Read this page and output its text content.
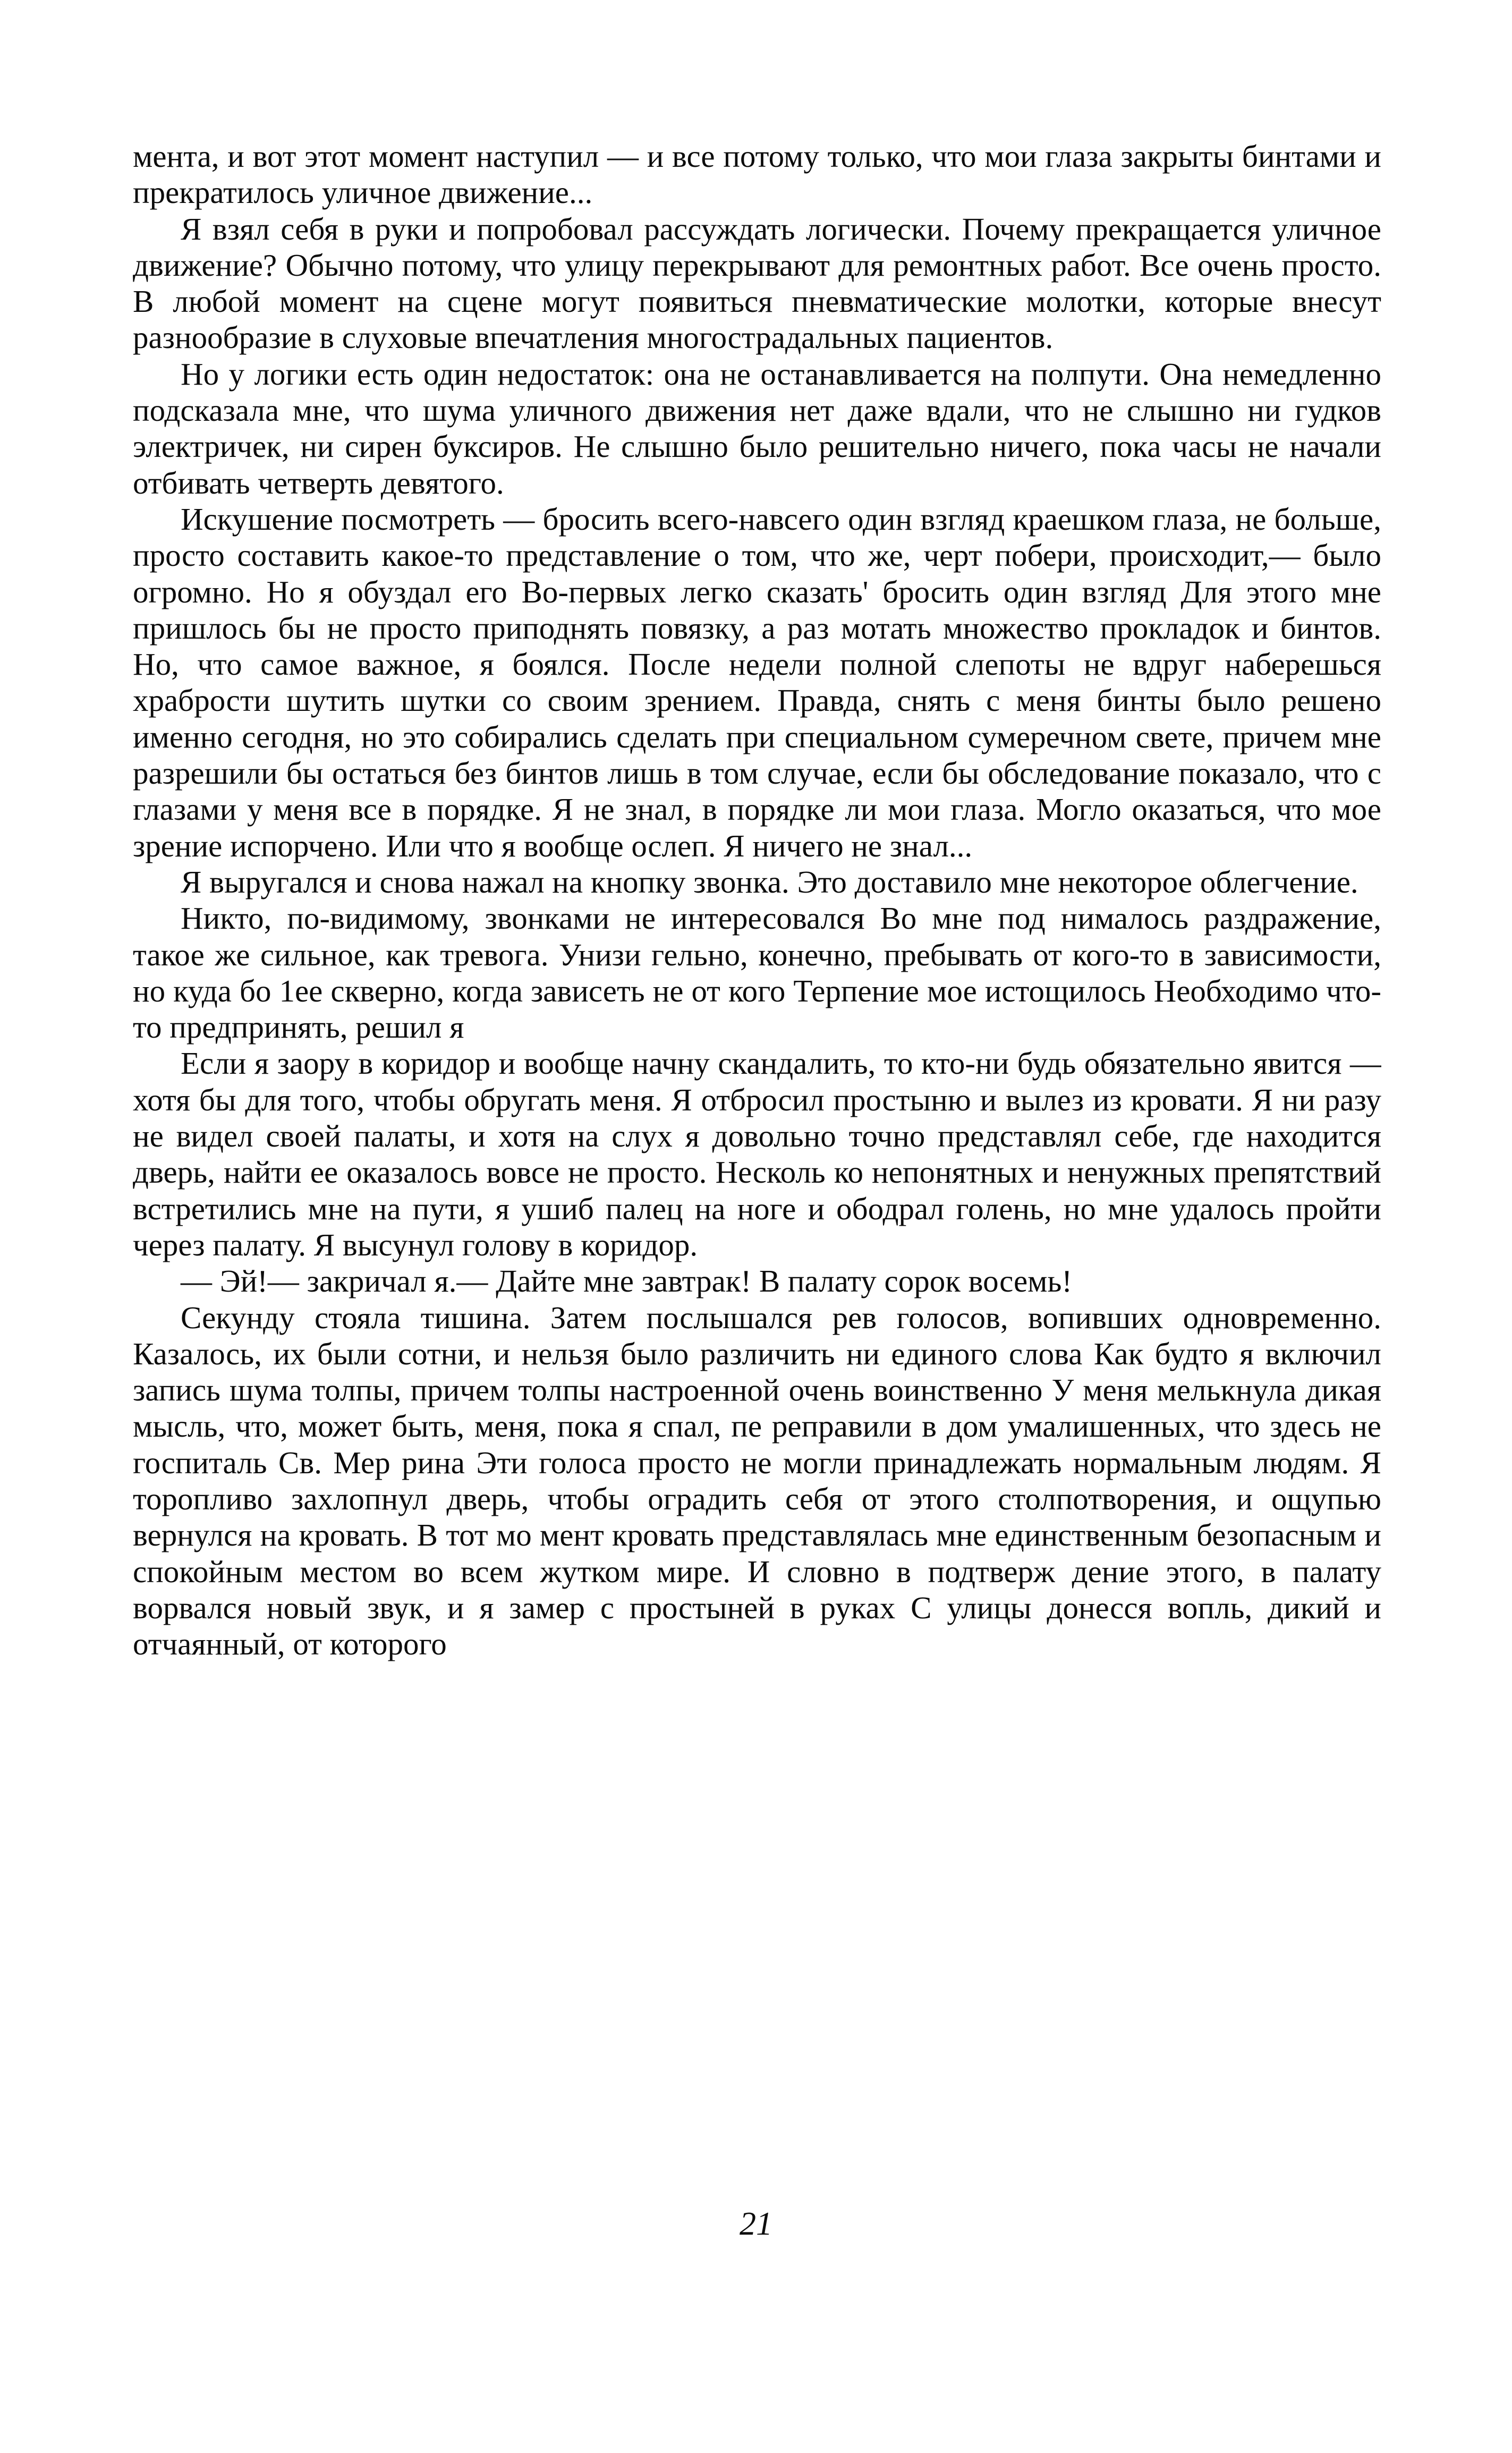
мента, и вот этот момент наступил — и все потому только, что мои глаза закрыты бинтами и прекратилось уличное движение...

Я взял себя в руки и попробовал рассуждать логически. Почему прекращается уличное движение? Обычно потому, что улицу перекрывают для ремонтных работ. Все очень просто. В любой момент на сцене могут появиться пневматические молотки, которые внесут разнообразие в слуховые впечатления многострадальных пациентов.

Но у логики есть один недостаток: она не останавливается на полпути. Она немедленно подсказала мне, что шума уличного движения нет даже вдали, что не слышно ни гудков электричек, ни сирен буксиров. Не слышно было решительно ничего, пока часы не начали отбивать четверть девятого.

Искушение посмотреть — бросить всего-навсего один взгляд краешком глаза, не больше, просто составить какое-то представление о том, что же, черт побери, происходит,— было огромно. Но я обуздал его Во-первых легко сказать' бросить один взгляд Для этого мне пришлось бы не просто приподнять повязку, а раз мотать множество прокладок и бинтов. Но, что самое важное, я боялся. После недели полной слепоты не вдруг наберешься храбрости шутить шутки со своим зрением. Правда, снять с меня бинты было решено именно сегодня, но это собирались сделать при специальном сумеречном свете, причем мне разрешили бы остаться без бинтов лишь в том случае, если бы обследование показало, что с глазами у меня все в порядке. Я не знал, в порядке ли мои глаза. Могло оказаться, что мое зрение испорчено. Или что я вообще ослеп. Я ничего не знал...

Я выругался и снова нажал на кнопку звонка. Это доставило мне некоторое облегчение.

Никто, по-видимому, звонками не интересовался Во мне под нималось раздражение, такое же сильное, как тревога. Унизи гельно, конечно, пребывать от кого-то в зависимости, но куда бо 1ее скверно, когда зависеть не от кого Терпение мое истощилось Необходимо что-то предпринять, решил я

Если я заору в коридор и вообще начну скандалить, то кто-ни будь обязательно явится — хотя бы для того, чтобы обругать меня. Я отбросил простыню и вылез из кровати. Я ни разу не видел своей палаты, и хотя на слух я довольно точно представлял себе, где находится дверь, найти ее оказалось вовсе не просто. Несколь ко непонятных и ненужных препятствий встретились мне на пути, я ушиб палец на ноге и ободрал голень, но мне удалось пройти через палату. Я высунул голову в коридор.

— Эй!— закричал я.— Дайте мне завтрак! В палату сорок восемь!

Секунду стояла тишина. Затем послышался рев голосов, вопивших одновременно. Казалось, их были сотни, и нельзя было различить ни единого слова Как будто я включил запись шума толпы, причем толпы настроенной очень воинственно У меня мелькнула дикая мысль, что, может быть, меня, пока я спал, пе реправили в дом умалишенных, что здесь не госпиталь Св. Мер рина Эти голоса просто не могли принадлежать нормальным людям. Я торопливо захлопнул дверь, чтобы оградить себя от этого столпотворения, и ощупью вернулся на кровать. В тот мо мент кровать представлялась мне единственным безопасным и спокойным местом во всем жутком мире. И словно в подтверж дение этого, в палату ворвался новый звук, и я замер с простыней в руках С улицы донесся вопль, дикий и отчаянный, от которого

21
